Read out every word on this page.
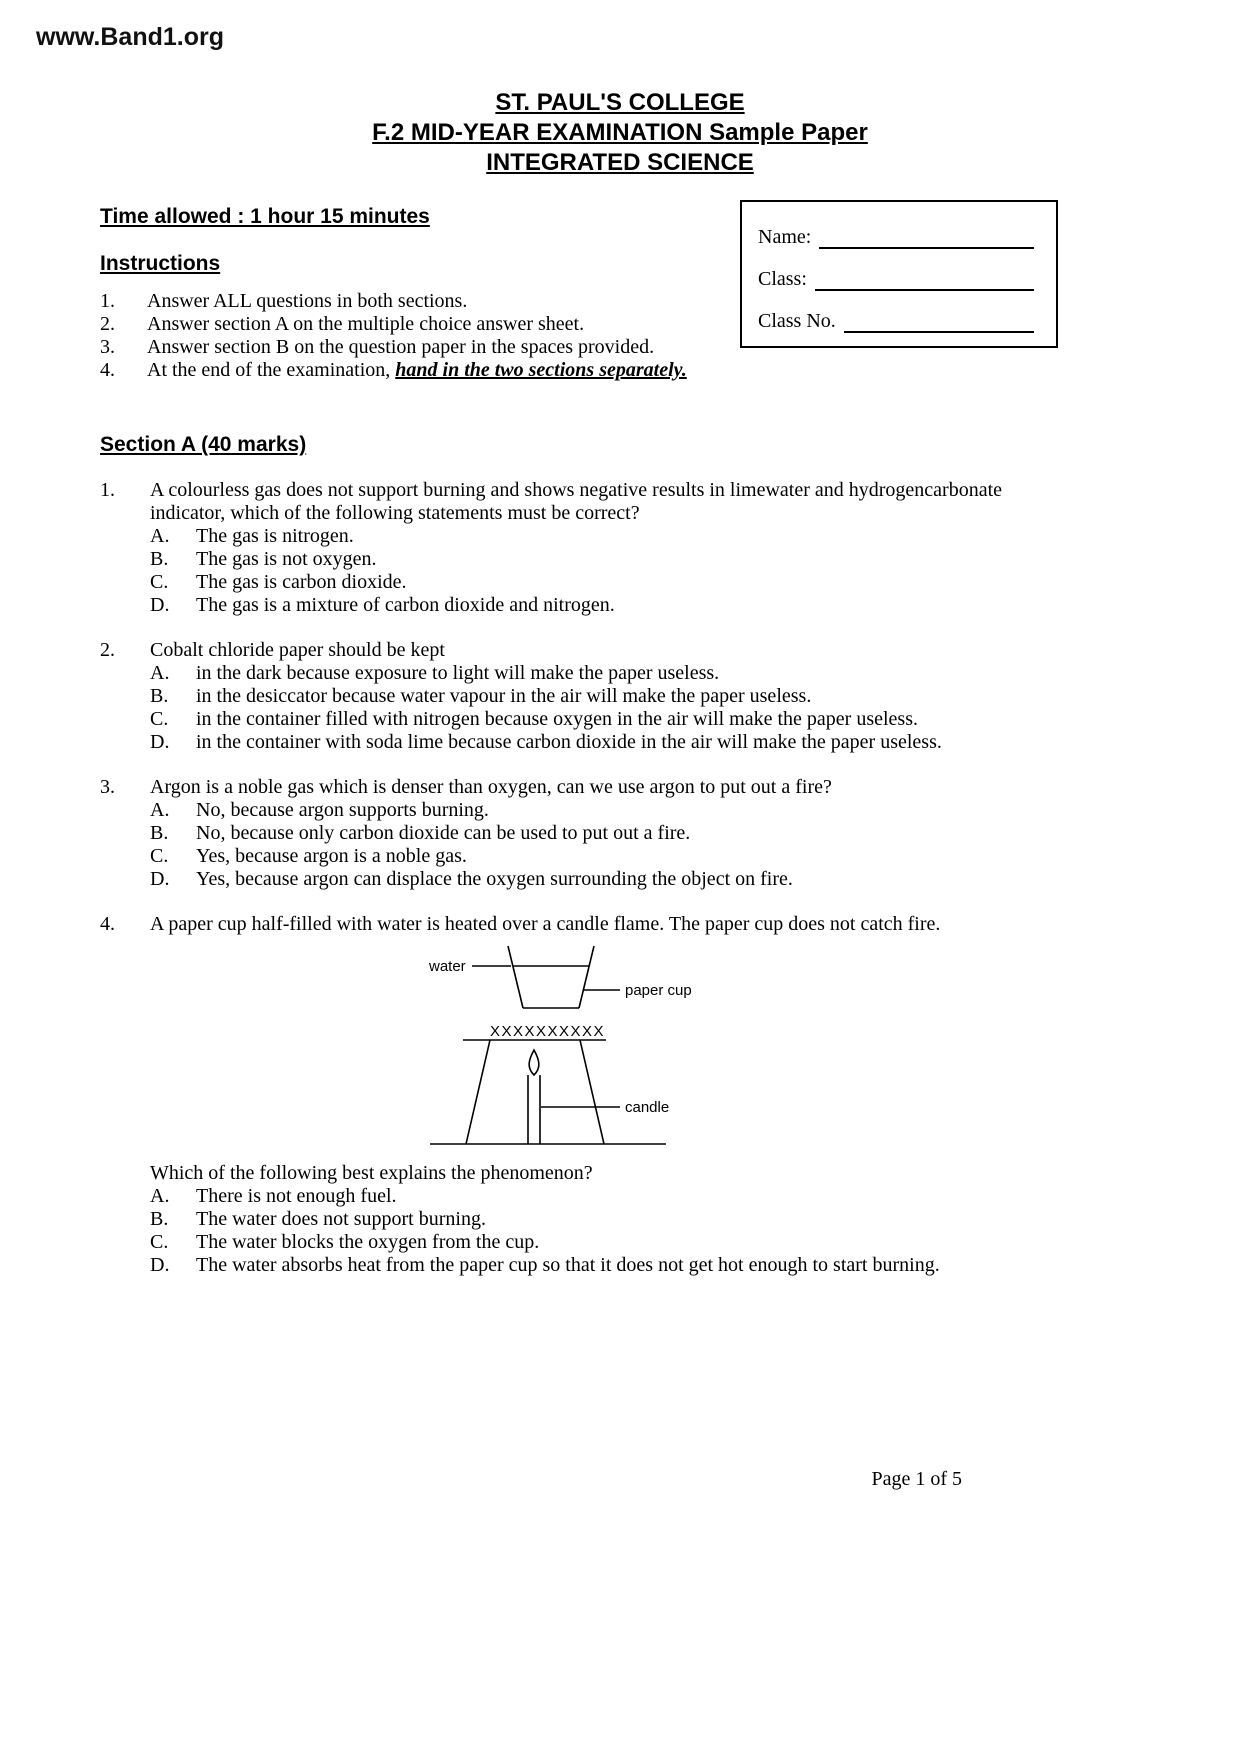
www.Band1.org
ST. PAUL'S COLLEGE
F.2 MID-YEAR EXAMINATION Sample Paper
INTEGRATED SCIENCE
Name:
Class:
Class No.
Time allowed : 1 hour 15 minutes
Instructions
1.	Answer ALL questions in both sections.
2.	Answer section A on the multiple choice answer sheet.
3.	Answer section B on the question paper in the spaces provided.
4.	At the end of the examination, hand in the two sections separately.
Section A (40 marks)
1.	A colourless gas does not support burning and shows negative results in limewater and hydrogencarbonate indicator, which of the following statements must be correct?
A.	The gas is nitrogen.
B.	The gas is not oxygen.
C.	The gas is carbon dioxide.
D.	The gas is a mixture of carbon dioxide and nitrogen.
2.	Cobalt chloride paper should be kept
A.	in the dark because exposure to light will make the paper useless.
B.	in the desiccator because water vapour in the air will make the paper useless.
C.	in the container filled with nitrogen because oxygen in the air will make the paper useless.
D.	in the container with soda lime because carbon dioxide in the air will make the paper useless.
3.	Argon is a noble gas which is denser than oxygen, can we use argon to put out a fire?
A.	No, because argon supports burning.
B.	No, because only carbon dioxide can be used to put out a fire.
C.	Yes, because argon is a noble gas.
D.	Yes, because argon can displace the oxygen surrounding the object on fire.
4.	A paper cup half-filled with water is heated over a candle flame. The paper cup does not catch fire.
water
paper cup
XXXXXXXXXX
candle
Which of the following best explains the phenomenon?
A.	There is not enough fuel.
B.	The water does not support burning.
C.	The water blocks the oxygen from the cup.
D.	The water absorbs heat from the paper cup so that it does not get hot enough to start burning.
Page 1 of 5
